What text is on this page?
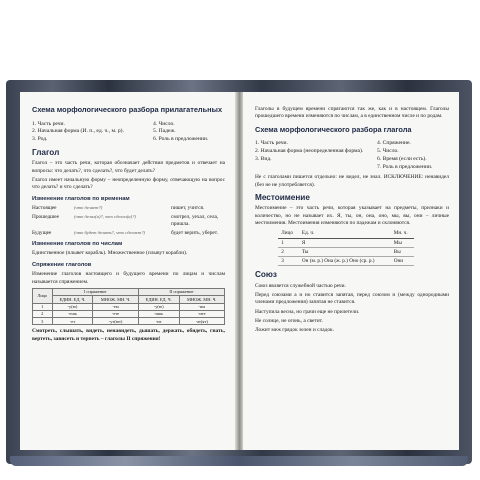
Схема морфологического разбора прилагательных
1. Часть речи.	4. Число.
2. Начальная форма (И. п., ед. ч., м. р).	5. Падеж.
3. Род.	6. Роль в предложении.
Глагол

Глагол – это часть речи, которая обозначает действия предметов и отвечает на вопросы: что делать?, что сделать?, что будет делать?

Глагол имеет начальную форму – неопределенную форму, отвечающую на вопрос что делать? и что сделать?

Изменение глаголов по временам
Настоящее	(что делает?)	пишет, учится.
Прошедшее	(что делал(а)?, что сделал(а)?)	смотрел, уехал, села, пришла.
Будущее	(что будет делать?, что сделает?)	будет верить, уберет.
Изменение глаголов по числам

Единственное (плывет корабль). Множественное (плывут корабли).

Спряжение глаголов

Изменение глаголов настоящего и будущего времени по лицам и числам называется спряжением.

Лицо	I спряжение		II спряжение	
	ЕДИН. ЕД. Ч.	МНОЖ. МН. Ч.	ЕДИН. ЕД. Ч.	МНОЖ. МН. Ч.
1	-у(ю)	-ем	-у(ю)	-им
2	-ешь	-ете	-ишь	-ите
3	-ет	-ут(ют)	-ит	-ат(ят)

Смотреть, слышать, видеть, ненавидеть, дышать, держать, обидеть, гнать, вертеть, зависеть и терпеть – глаголы II спряжения!

Глаголы в будущем времени спрягаются так же, как и в настоящем. Глаголы прошедшего времени изменяются по числам, а в единственном числе и по родам.

Схема морфологического разбора глагола
1. Часть речи.	4. Спряжение.
2. Начальная форма (неопределенная форма).	5. Число.
3. Вид.	6. Время (если есть).
7. Роль в предложении.

Не с глаголами пишется отдельно: не видел, не знал. ИСКЛЮЧЕНИЕ: ненавидел (без не не употребляется).

Местоимение

Местоимение – это часть речи, которая указывает на предметы, признаки и количество, но не называет их. Я, ты, он, она, оно, мы, вы, они – личные местоимения. Местоимения изменяются по падежам и склоняются.

Лицо	Ед. ч.	Мн. ч.
1	Я	Мы
2	Ты	Вы
3	Он (м. р.) Она (ж. р.) Оно (ср. р.)	Они
Союз

Союз является служебной частью речи.

Перед союзами а и но ставится запятая, перед союзом и (между однородными членами предложения) запятая не ставится.

Наступила весна, но грачи еще не прилетели.

Не солнце, не огонь, а светит.

Ложит меж грядок зелен и сладок.
